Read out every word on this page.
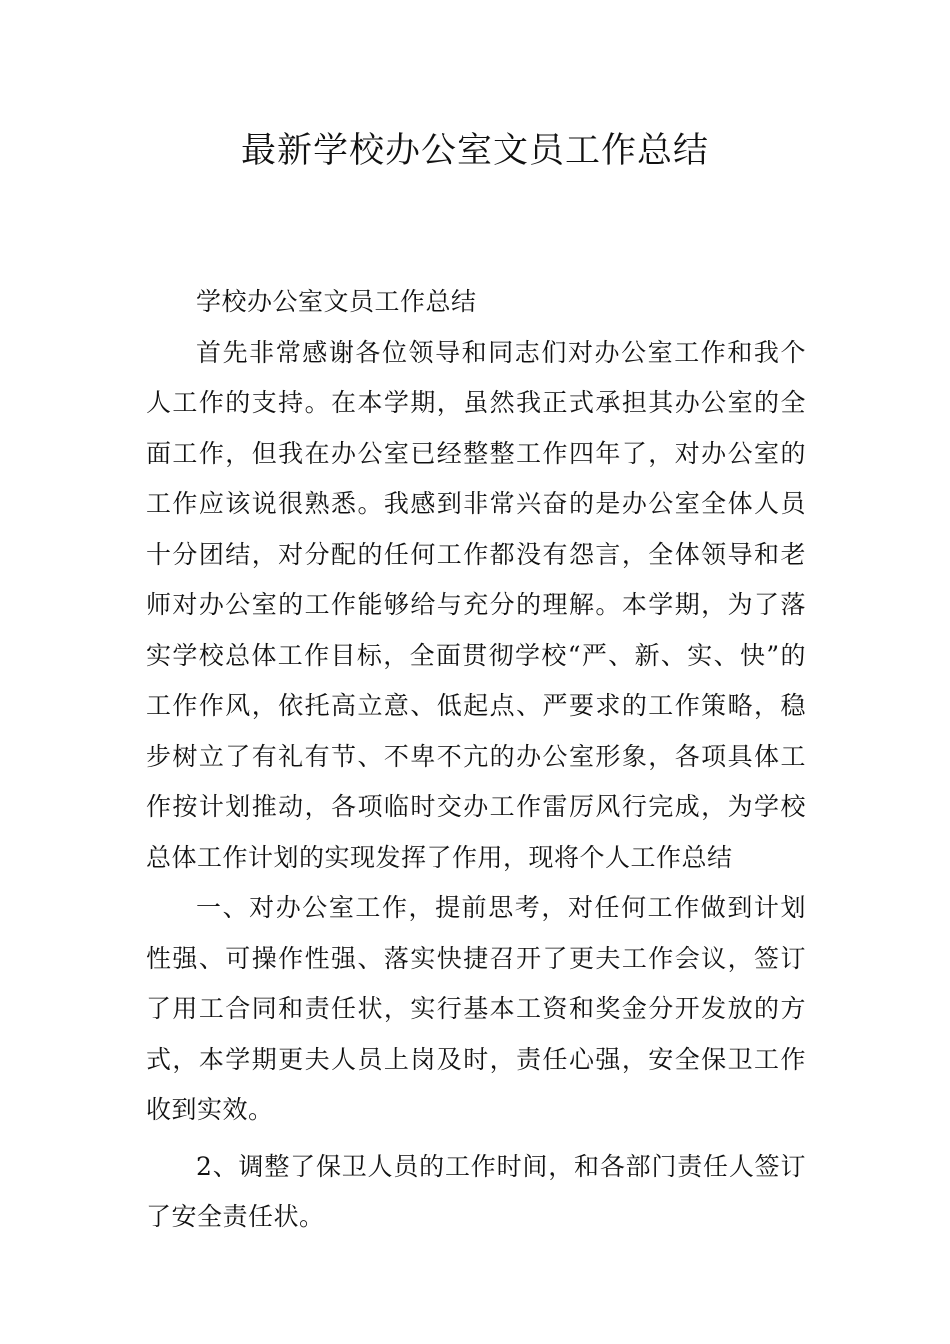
最新学校办公室文员工作总结

学校办公室文员工作总结

首先非常感谢各位领导和同志们对办公室工作和我个人工作的支持。在本学期，虽然我正式承担其办公室的全面工作，但我在办公室已经整整工作四年了，对办公室的工作应该说很熟悉。我感到非常兴奋的是办公室全体人员十分团结，对分配的任何工作都没有怨言，全体领导和老师对办公室的工作能够给与充分的理解。本学期，为了落实学校总体工作目标，全面贯彻学校“严、新、实、快”的工作作风，依托高立意、低起点、严要求的工作策略，稳步树立了有礼有节、不卑不亢的办公室形象，各项具体工作按计划推动，各项临时交办工作雷厉风行完成，为学校总体工作计划的实现发挥了作用，现将个人工作总结

一、对办公室工作，提前思考，对任何工作做到计划性强、可操作性强、落实快捷召开了更夫工作会议，签订了用工合同和责任状，实行基本工资和奖金分开发放的方式，本学期更夫人员上岗及时，责任心强，安全保卫工作收到实效。

2、调整了保卫人员的工作时间，和各部门责任人签订了安全责任状。
